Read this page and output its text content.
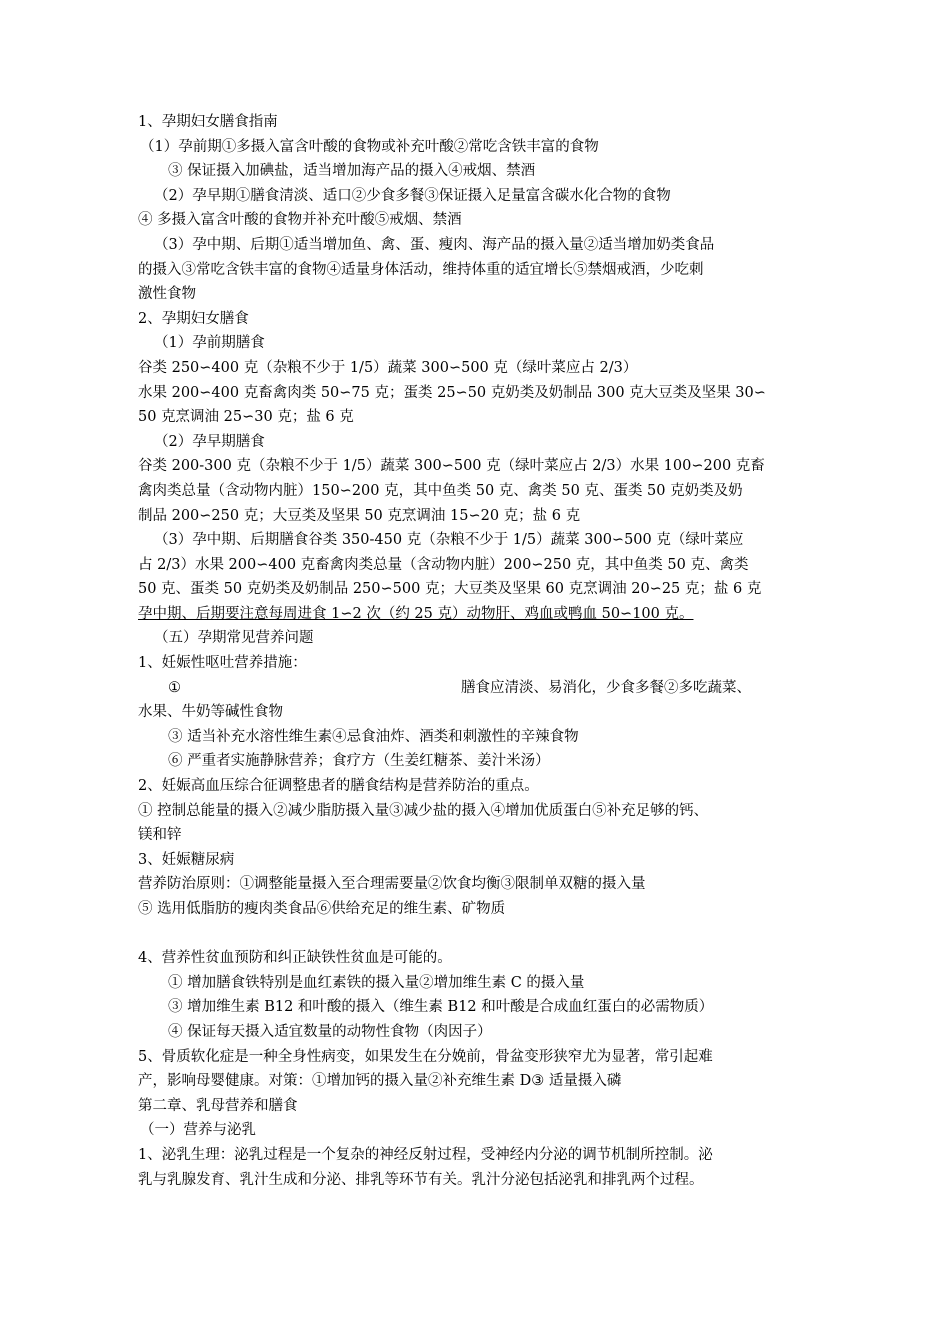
1、孕期妇女膳食指南
（1）孕前期①多摄入富含叶酸的食物或补充叶酸②常吃含铁丰富的食物
③ 保证摄入加碘盐，适当增加海产品的摄入④戒烟、禁酒
（2）孕早期①膳食清淡、适口②少食多餐③保证摄入足量富含碳水化合物的食物
④ 多摄入富含叶酸的食物并补充叶酸⑤戒烟、禁酒
（3）孕中期、后期①适当增加鱼、禽、蛋、瘦肉、海产品的摄入量②适当增加奶类食品
的摄入③常吃含铁丰富的食物④适量身体活动，维持体重的适宜增长⑤禁烟戒酒，少吃刺
激性食物
2、孕期妇女膳食
（1）孕前期膳食
谷类 250∽400 克（杂粮不少于 1/5）蔬菜 300∽500 克（绿叶菜应占 2/3）
水果 200∽400 克畜禽肉类 50∽75 克；蛋类 25∽50 克奶类及奶制品 300 克大豆类及坚果 30∽
50 克烹调油 25∽30 克；盐 6 克
（2）孕早期膳食
谷类 200-300 克（杂粮不少于 1/5）蔬菜 300∽500 克（绿叶菜应占 2/3）水果 100∽200 克畜
禽肉类总量（含动物内脏）150∽200 克，其中鱼类 50 克、禽类 50 克、蛋类 50 克奶类及奶
制品 200∽250 克；大豆类及坚果 50 克烹调油 15∽20 克；盐 6 克
（3）孕中期、后期膳食谷类 350-450 克（杂粮不少于 1/5）蔬菜 300∽500 克（绿叶菜应
占 2/3）水果 200∽400 克畜禽肉类总量（含动物内脏）200∽250 克，其中鱼类 50 克、禽类
50 克、蛋类 50 克奶类及奶制品 250∽500 克；大豆类及坚果 60 克烹调油 20∽25 克；盐 6 克
孕中期、后期要注意每周进食 1∽2 次（约 25 克）动物肝、鸡血或鸭血 50∽100 克。
（五）孕期常见营养问题
1、妊娠性呕吐营养措施：
①	膳食应清淡、易消化，少食多餐②多吃蔬菜、
水果、牛奶等碱性食物
③ 适当补充水溶性维生素④忌食油炸、酒类和刺激性的辛辣食物
⑥ 严重者实施静脉营养；食疗方（生姜红糖茶、姜汁米汤）
2、妊娠高血压综合征调整患者的膳食结构是营养防治的重点。
① 控制总能量的摄入②减少脂肪摄入量③减少盐的摄入④增加优质蛋白⑤补充足够的钙、
镁和锌
3、妊娠糖尿病
营养防治原则：①调整能量摄入至合理需要量②饮食均衡③限制单双糖的摄入量
⑤ 选用低脂肪的瘦肉类食品⑥供给充足的维生素、矿物质
4、营养性贫血预防和纠正缺铁性贫血是可能的。
① 增加膳食铁特别是血红素铁的摄入量②增加维生素 C 的摄入量
③ 增加维生素 B12 和叶酸的摄入（维生素 B12 和叶酸是合成血红蛋白的必需物质）
④ 保证每天摄入适宜数量的动物性食物（肉因子）
5、骨质软化症是一种全身性病变，如果发生在分娩前，骨盆变形狭窄尤为显著，常引起难
产，影响母婴健康。对策：①增加钙的摄入量②补充维生素 D③ 适量摄入磷
第二章、乳母营养和膳食
（一）营养与泌乳
1、泌乳生理：泌乳过程是一个复杂的神经反射过程，受神经内分泌的调节机制所控制。泌
乳与乳腺发育、乳汁生成和分泌、排乳等环节有关。乳汁分泌包括泌乳和排乳两个过程。
